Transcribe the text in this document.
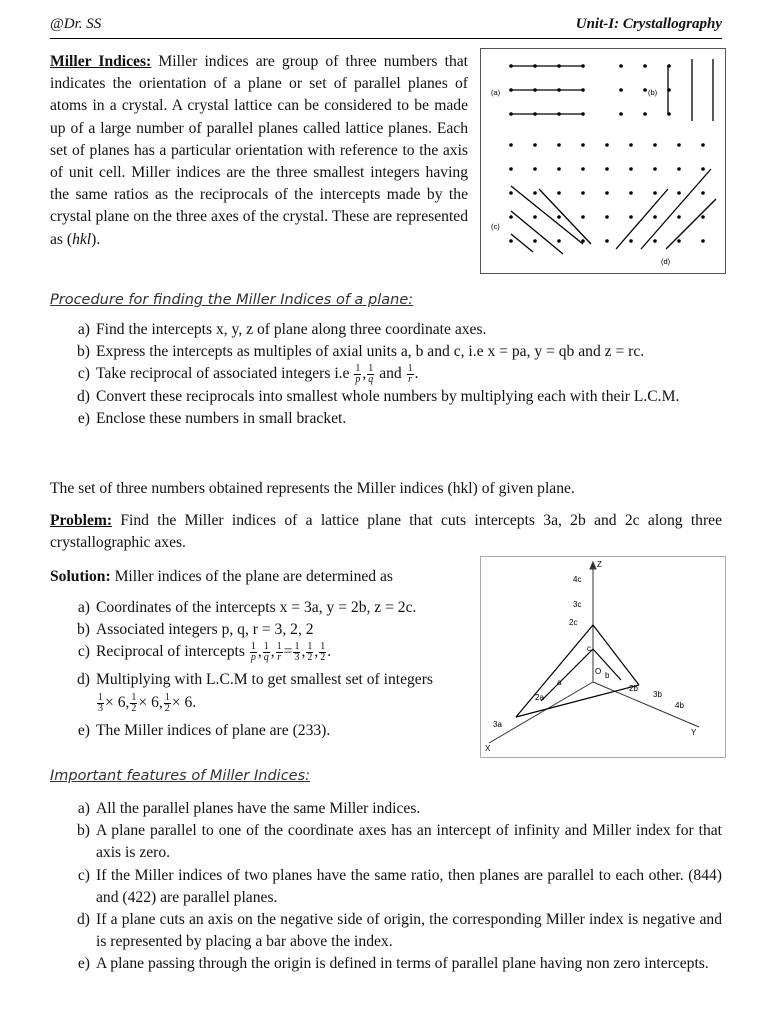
@Dr. SS	Unit-I: Crystallography
Miller Indices: Miller indices are group of three numbers that indicates the orientation of a plane or set of parallel planes of atoms in a crystal. A crystal lattice can be considered to be made up of a large number of parallel planes called lattice planes. Each set of planes has a particular orientation with reference to the axis of unit cell. Miller indices are the three smallest integers having the same ratios as the reciprocals of the intercepts made by the crystal plane on the three axes of the crystal. These are represented as (hkl).
(a)	(b)
(c)
(d)
Procedure for finding the Miller Indices of a plane:
a) Find the intercepts x, y, z of plane along three coordinate axes.
b) Express the intercepts as multiples of axial units a, b and c, i.e x = pa, y = qb and z = rc.
c) Take reciprocal of associated integers $i.e \frac{1}{p}$ , $\frac{1}{q}$ and $\frac{1}{r}$ .
d) Convert these reciprocals into smallest whole numbers by multiplying each with their L.C.M.
e) Enclose these numbers in small bracket.
The set of three numbers obtained represents the Miller indices (hkl) of given plane.
Problem: Find the Miller indices of a lattice plane that cuts intercepts 3a, 2b and 2c along three crystallographic axes.
Solution: Miller indices of the plane are determined as
a) Coordinates of the intercepts x = 3a, y = 2b, z = 2c.
b) Associated integers p, q, r = 3, 2, 2
c) Reciprocal of intercepts $\frac{1}{p}$ , $\frac{1}{q}$ , $\frac{1}{r} = \frac{1}{3}$ , $\frac{1}{2}$ , $\frac{1}{2}$ .
d) Multiplying with L.C.M to get smallest set of integers
$\frac{1}{3} \times 6$, $\frac{1}{2} \times 6$, $\frac{1}{2} \times 6$.
e) The Miller indices of plane are (233).
Z
X
Y
O
4c
3c
2c
2a
3a
2b
3b
4b
a
b
c
Important features of Miller Indices:
a) All the parallel planes have the same Miller indices.
b) A plane parallel to one of the coordinate axes has an intercept of infinity and Miller index for that axis is zero.
c) If the Miller indices of two planes have the same ratio, then planes are parallel to each other. (844) and (422) are parallel planes.
d) If a plane cuts an axis on the negative side of origin, the corresponding Miller index is negative and is represented by placing a bar above the index.
e) A plane passing through the origin is defined in terms of parallel plane having non zero intercepts.
